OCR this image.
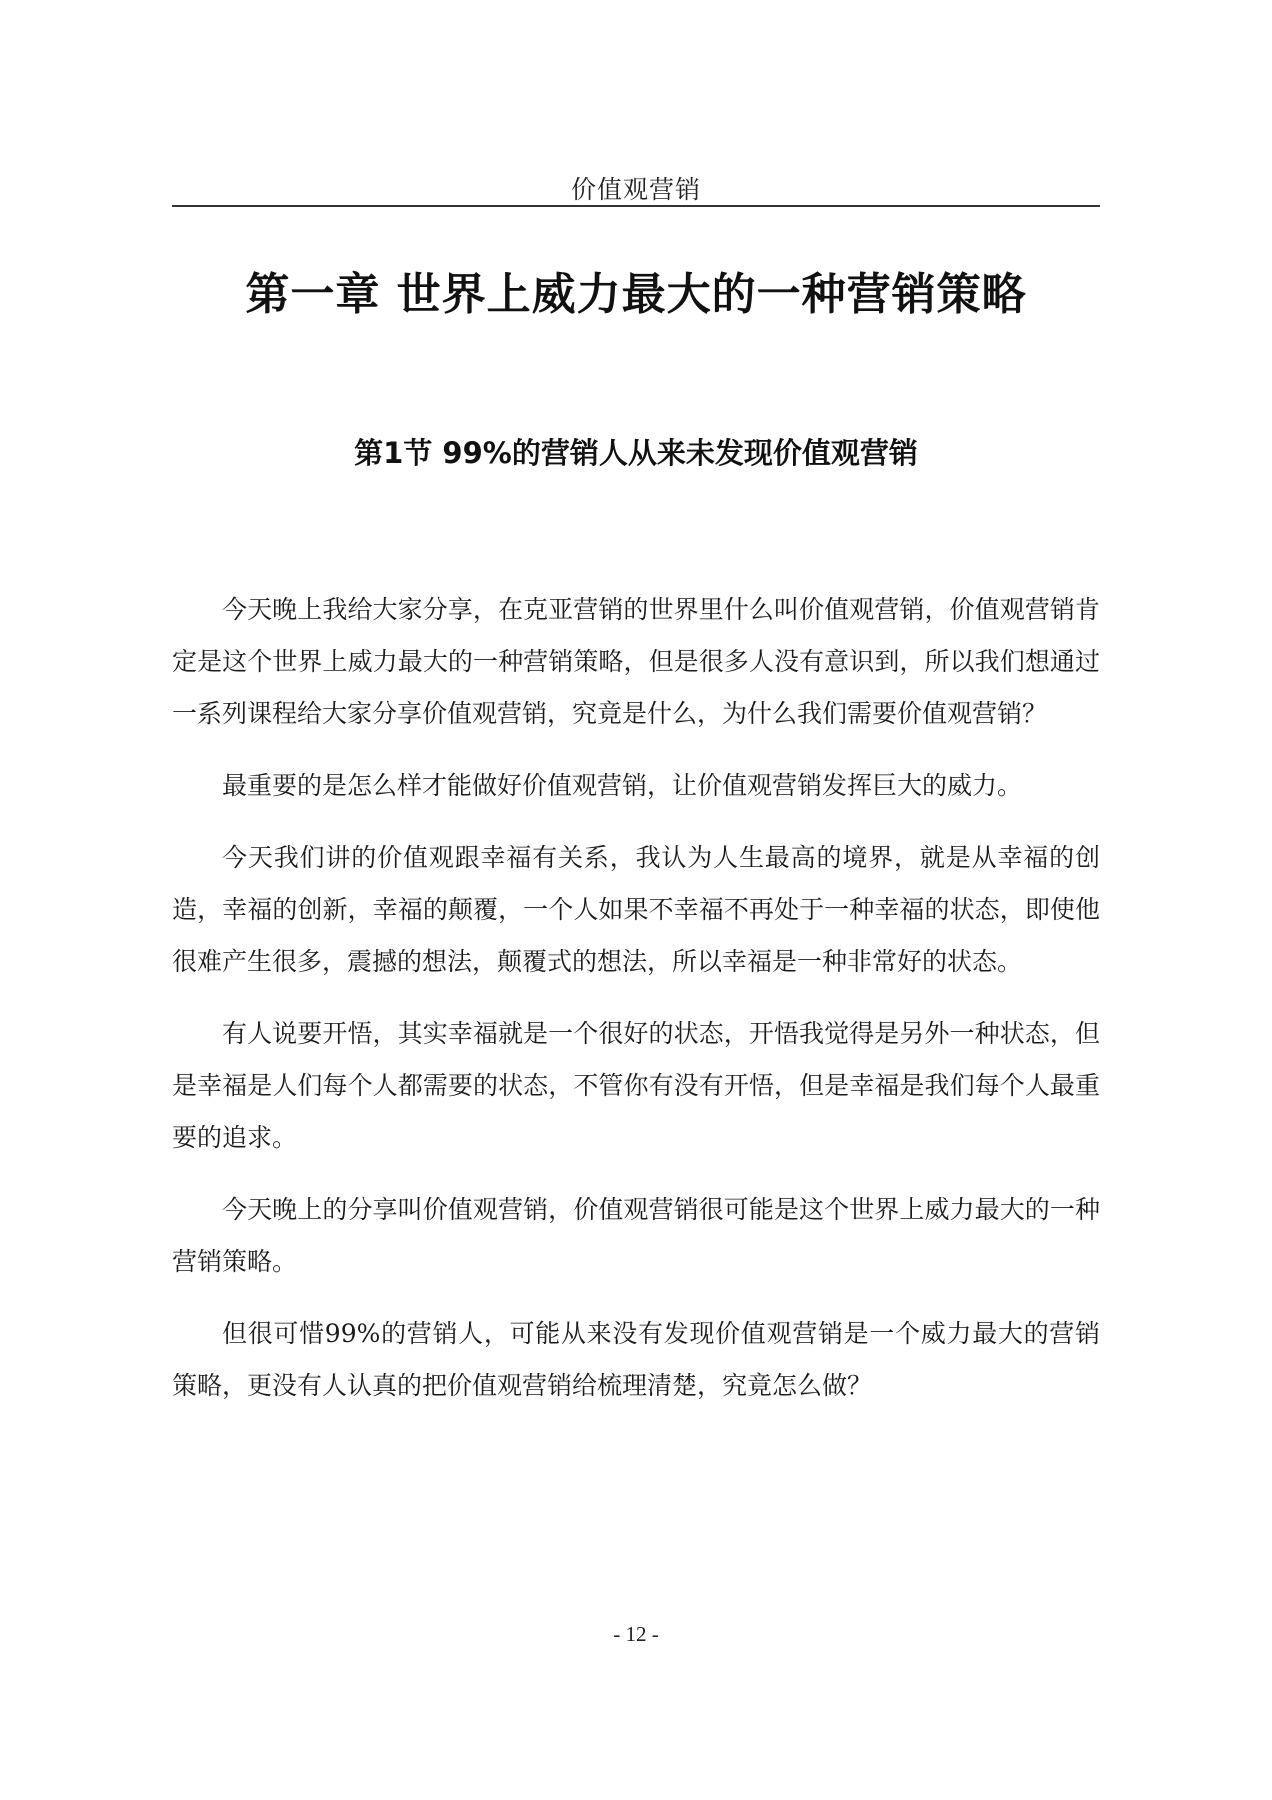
价值观营销
第一章 世界上威力最大的一种营销策略
第1节 99%的营销人从来未发现价值观营销

今天晚上我给大家分享，在克亚营销的世界里什么叫价值观营销，价值观营销肯定是这个世界上威力最大的一种营销策略，但是很多人没有意识到，所以我们想通过一系列课程给大家分享价值观营销，究竟是什么，为什么我们需要价值观营销？

最重要的是怎么样才能做好价值观营销，让价值观营销发挥巨大的威力。

今天我们讲的价值观跟幸福有关系，我认为人生最高的境界，就是从幸福的创造，幸福的创新，幸福的颠覆，一个人如果不幸福不再处于一种幸福的状态，即使他很难产生很多，震撼的想法，颠覆式的想法，所以幸福是一种非常好的状态。

有人说要开悟，其实幸福就是一个很好的状态，开悟我觉得是另外一种状态，但是幸福是人们每个人都需要的状态，不管你有没有开悟，但是幸福是我们每个人最重要的追求。

今天晚上的分享叫价值观营销，价值观营销很可能是这个世界上威力最大的一种营销策略。

但很可惜99%的营销人，可能从来没有发现价值观营销是一个威力最大的营销策略，更没有人认真的把价值观营销给梳理清楚，究竟怎么做？

- 12 -
